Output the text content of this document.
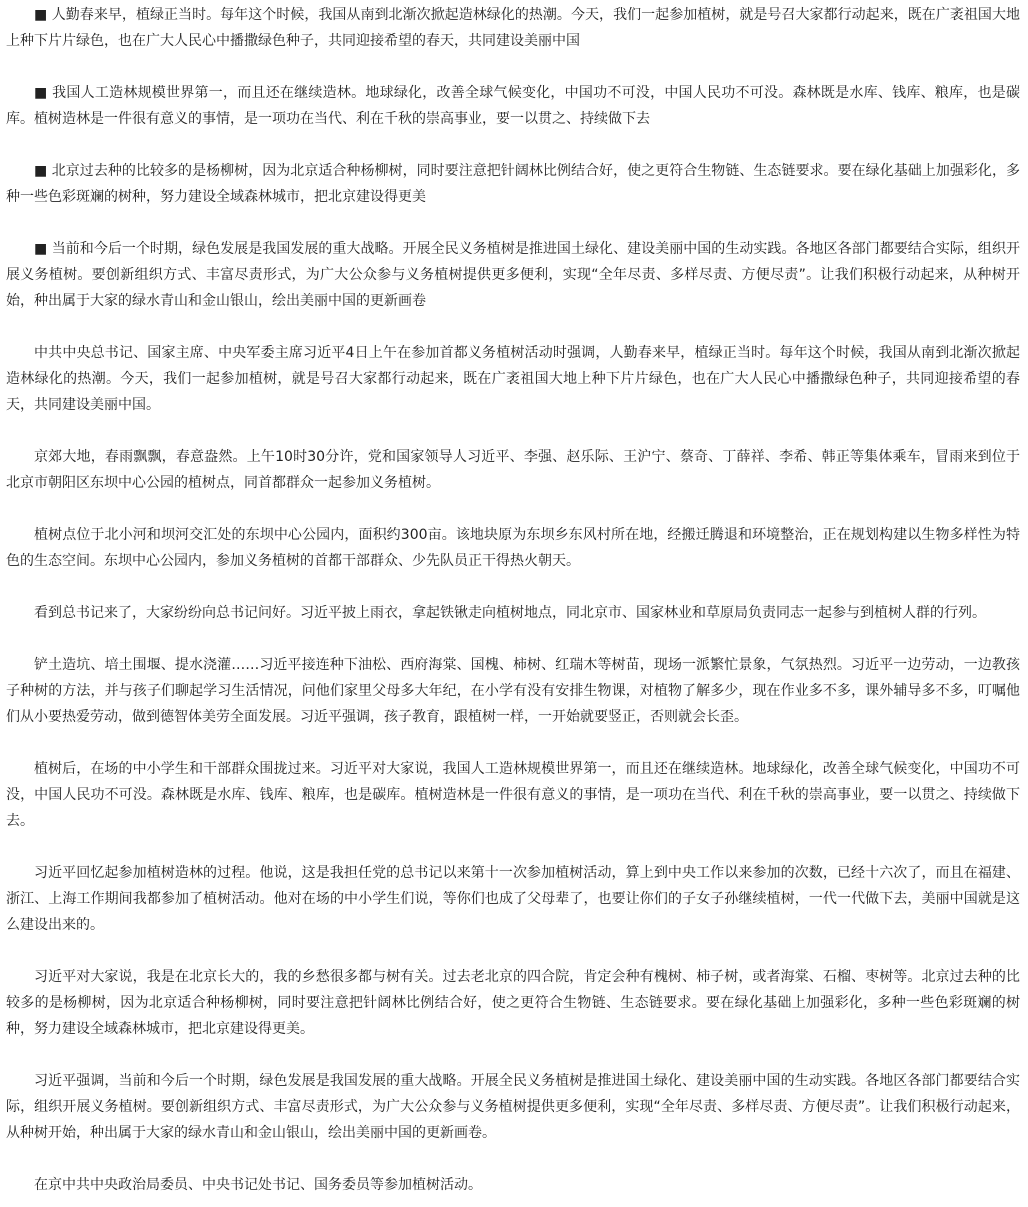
■ 人勤春来早，植绿正当时。每年这个时候，我国从南到北渐次掀起造林绿化的热潮。今天，我们一起参加植树，就是号召大家都行动起来，既在广袤祖国大地上种下片片绿色，也在广大人民心中播撒绿色种子，共同迎接希望的春天，共同建设美丽中国

■ 我国人工造林规模世界第一，而且还在继续造林。地球绿化，改善全球气候变化，中国功不可没，中国人民功不可没。森林既是水库、钱库、粮库，也是碳库。植树造林是一件很有意义的事情，是一项功在当代、利在千秋的崇高事业，要一以贯之、持续做下去

■ 北京过去种的比较多的是杨柳树，因为北京适合种杨柳树，同时要注意把针阔林比例结合好，使之更符合生物链、生态链要求。要在绿化基础上加强彩化，多种一些色彩斑斓的树种，努力建设全域森林城市，把北京建设得更美

■ 当前和今后一个时期，绿色发展是我国发展的重大战略。开展全民义务植树是推进国土绿化、建设美丽中国的生动实践。各地区各部门都要结合实际，组织开展义务植树。要创新组织方式、丰富尽责形式，为广大公众参与义务植树提供更多便利，实现“全年尽责、多样尽责、方便尽责”。让我们积极行动起来，从种树开始，种出属于大家的绿水青山和金山银山，绘出美丽中国的更新画卷

中共中央总书记、国家主席、中央军委主席习近平4日上午在参加首都义务植树活动时强调，人勤春来早，植绿正当时。每年这个时候，我国从南到北渐次掀起造林绿化的热潮。今天，我们一起参加植树，就是号召大家都行动起来，既在广袤祖国大地上种下片片绿色，也在广大人民心中播撒绿色种子，共同迎接希望的春天，共同建设美丽中国。

京郊大地，春雨飘飘，春意盎然。上午10时30分许，党和国家领导人习近平、李强、赵乐际、王沪宁、蔡奇、丁薛祥、李希、韩正等集体乘车，冒雨来到位于北京市朝阳区东坝中心公园的植树点，同首都群众一起参加义务植树。

植树点位于北小河和坝河交汇处的东坝中心公园内，面积约300亩。该地块原为东坝乡东风村所在地，经搬迁腾退和环境整治，正在规划构建以生物多样性为特色的生态空间。东坝中心公园内，参加义务植树的首都干部群众、少先队员正干得热火朝天。

看到总书记来了，大家纷纷向总书记问好。习近平披上雨衣，拿起铁锹走向植树地点，同北京市、国家林业和草原局负责同志一起参与到植树人群的行列。

铲土造坑、培土围堰、提水浇灌……习近平接连种下油松、西府海棠、国槐、柿树、红瑞木等树苗，现场一派繁忙景象，气氛热烈。习近平一边劳动，一边教孩子种树的方法，并与孩子们聊起学习生活情况，问他们家里父母多大年纪，在小学有没有安排生物课，对植物了解多少，现在作业多不多，课外辅导多不多，叮嘱他们从小要热爱劳动，做到德智体美劳全面发展。习近平强调，孩子教育，跟植树一样，一开始就要竖正，否则就会长歪。

植树后，在场的中小学生和干部群众围拢过来。习近平对大家说，我国人工造林规模世界第一，而且还在继续造林。地球绿化，改善全球气候变化，中国功不可没，中国人民功不可没。森林既是水库、钱库、粮库，也是碳库。植树造林是一件很有意义的事情，是一项功在当代、利在千秋的崇高事业，要一以贯之、持续做下去。

习近平回忆起参加植树造林的过程。他说，这是我担任党的总书记以来第十一次参加植树活动，算上到中央工作以来参加的次数，已经十六次了，而且在福建、浙江、上海工作期间我都参加了植树活动。他对在场的中小学生们说，等你们也成了父母辈了，也要让你们的子女子孙继续植树，一代一代做下去，美丽中国就是这么建设出来的。

习近平对大家说，我是在北京长大的，我的乡愁很多都与树有关。过去老北京的四合院，肯定会种有槐树、柿子树，或者海棠、石榴、枣树等。北京过去种的比较多的是杨柳树，因为北京适合种杨柳树，同时要注意把针阔林比例结合好，使之更符合生物链、生态链要求。要在绿化基础上加强彩化，多种一些色彩斑斓的树种，努力建设全域森林城市，把北京建设得更美。

习近平强调，当前和今后一个时期，绿色发展是我国发展的重大战略。开展全民义务植树是推进国土绿化、建设美丽中国的生动实践。各地区各部门都要结合实际，组织开展义务植树。要创新组织方式、丰富尽责形式，为广大公众参与义务植树提供更多便利，实现“全年尽责、多样尽责、方便尽责”。让我们积极行动起来，从种树开始，种出属于大家的绿水青山和金山银山，绘出美丽中国的更新画卷。

在京中共中央政治局委员、中央书记处书记、国务委员等参加植树活动。
